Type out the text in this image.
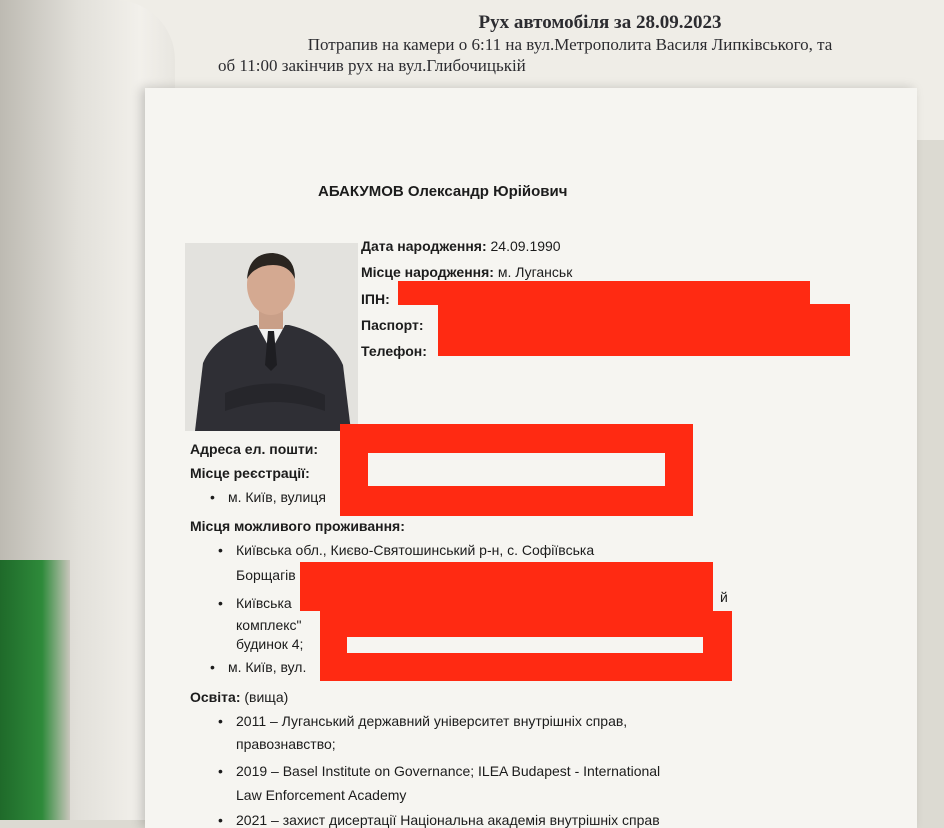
Рух автомобіля за 28.09.2023
Потрапив на камери о 6:11 на вул.Метрополита Василя Липківського, та
об 11:00 закінчив рух на вул.Глибочицькій
АБАКУМОВ Олександр Юрійович
Дата народження: 24.09.1990
Місце народження: м. Луганськ
ІПН:
Паспорт:
Телефон:
Адреса ел. пошти:
Місце реєстрації:
• м. Київ, вулиця
Місця можливого проживання:
• Київська обл., Києво-Святошинський р-н, с. Софіївська
Борщагів
• Київська	й
комплекс"
будинок 4;
• м. Київ, вул.
Освіта: (вища)
• 2011 – Луганський державний університет внутрішніх справ,
правознавство;
• 2019 – Basel Institute on Governance; ILEA Budapest - International
Law Enforcement Academy
• 2021 – захист дисертації Національна академія внутрішніх справ
